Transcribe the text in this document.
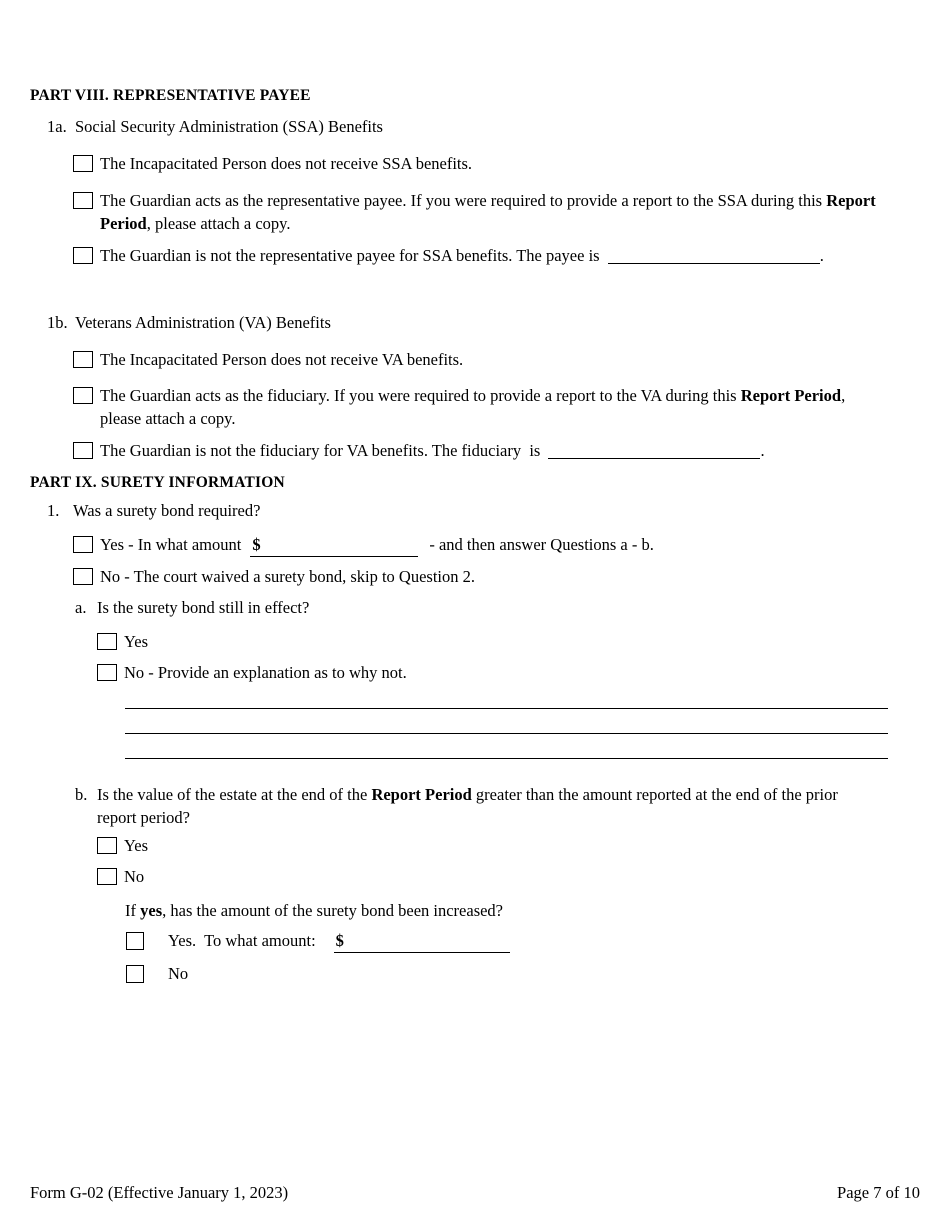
PART VIII. REPRESENTATIVE PAYEE
1a. Social Security Administration (SSA) Benefits
The Incapacitated Person does not receive SSA benefits.
The Guardian acts as the representative payee. If you were required to provide a report to the SSA during this Report Period, please attach a copy.
The Guardian is not the representative payee for SSA benefits. The payee is	.
1b. Veterans Administration (VA) Benefits
The Incapacitated Person does not receive VA benefits.
The Guardian acts as the fiduciary. If you were required to provide a report to the VA during this Report Period, please attach a copy.
The Guardian is not the fiduciary for VA benefits. The fiduciary  is	.
PART IX. SURETY INFORMATION
1. Was a surety bond required?
Yes - In what amount $	- and then answer Questions a - b.
No - The court waived a surety bond, skip to Question 2.
a. Is the surety bond still in effect?
Yes
No - Provide an explanation as to why not.
b. Is the value of the estate at the end of the Report Period greater than the amount reported at the end of the prior report period?
Yes
No
If yes, has the amount of the surety bond been increased?
Yes.  To what amount: $
No
Form G-02 (Effective January 1, 2023)	Page 7 of 10
